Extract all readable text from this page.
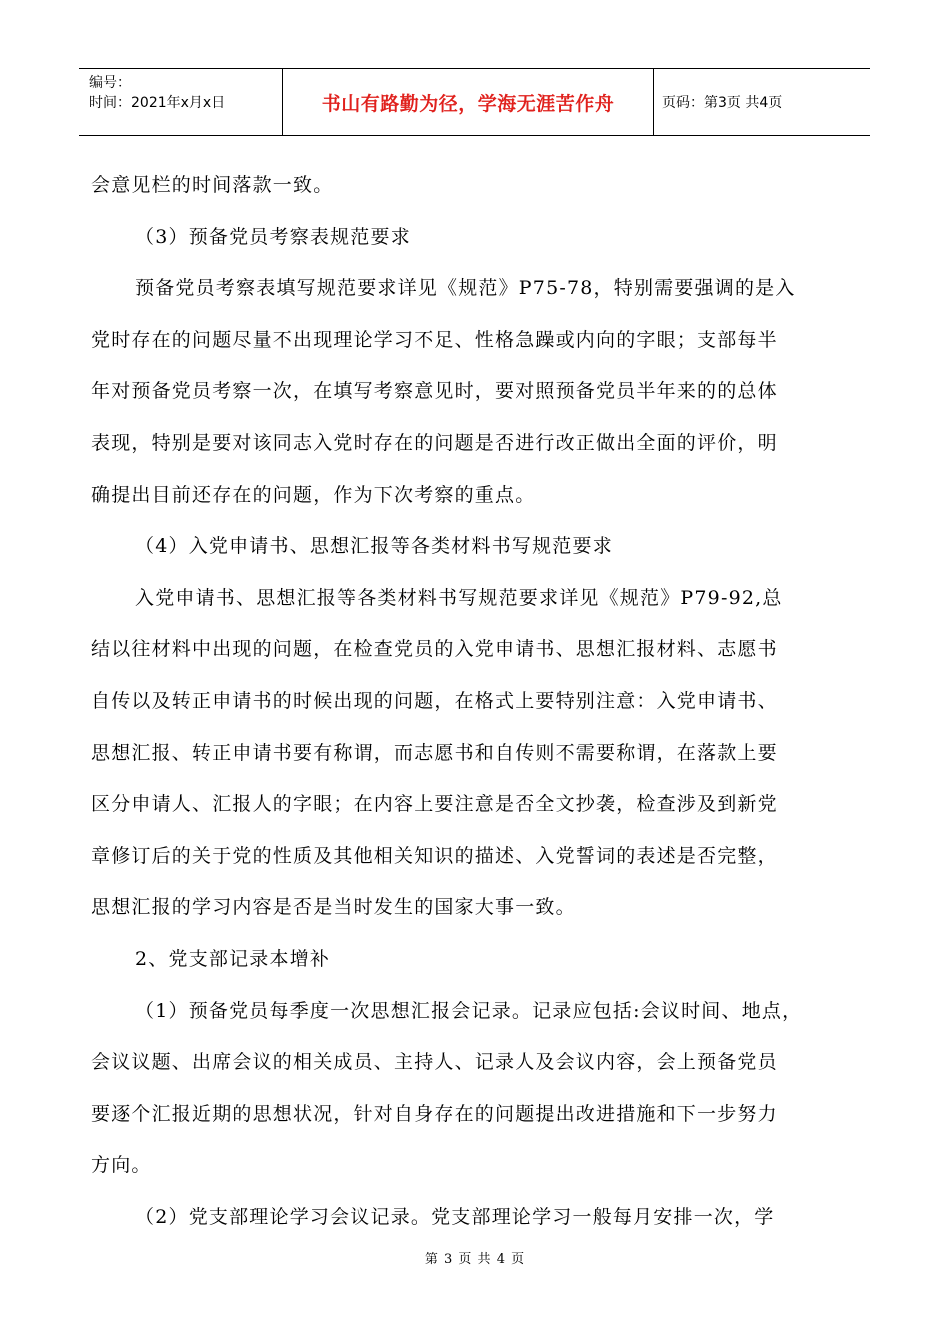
编号：
时间：2021年x月x日	书山有路勤为径，学海无涯苦作舟	页码：第3页 共4页

会意见栏的时间落款一致。

（3）预备党员考察表规范要求

预备党员考察表填写规范要求详见《规范》P75-78，特别需要强调的是入

党时存在的问题尽量不出现理论学习不足、性格急躁或内向的字眼；支部每半

年对预备党员考察一次，在填写考察意见时，要对照预备党员半年来的的总体

表现，特别是要对该同志入党时存在的问题是否进行改正做出全面的评价，明

确提出目前还存在的问题，作为下次考察的重点。

（4）入党申请书、思想汇报等各类材料书写规范要求

入党申请书、思想汇报等各类材料书写规范要求详见《规范》P79-92,总

结以往材料中出现的问题，在检查党员的入党申请书、思想汇报材料、志愿书

自传以及转正申请书的时候出现的问题，在格式上要特别注意：入党申请书、

思想汇报、转正申请书要有称谓，而志愿书和自传则不需要称谓，在落款上要

区分申请人、汇报人的字眼；在内容上要注意是否全文抄袭，检查涉及到新党

章修订后的关于党的性质及其他相关知识的描述、入党誓词的表述是否完整，

思想汇报的学习内容是否是当时发生的国家大事一致。

2、党支部记录本增补

（1）预备党员每季度一次思想汇报会记录。记录应包括:会议时间、地点，

会议议题、出席会议的相关成员、主持人、记录人及会议内容，会上预备党员

要逐个汇报近期的思想状况，针对自身存在的问题提出改进措施和下一步努力

方向。

（2）党支部理论学习会议记录。党支部理论学习一般每月安排一次，学

第 3 页 共 4 页
